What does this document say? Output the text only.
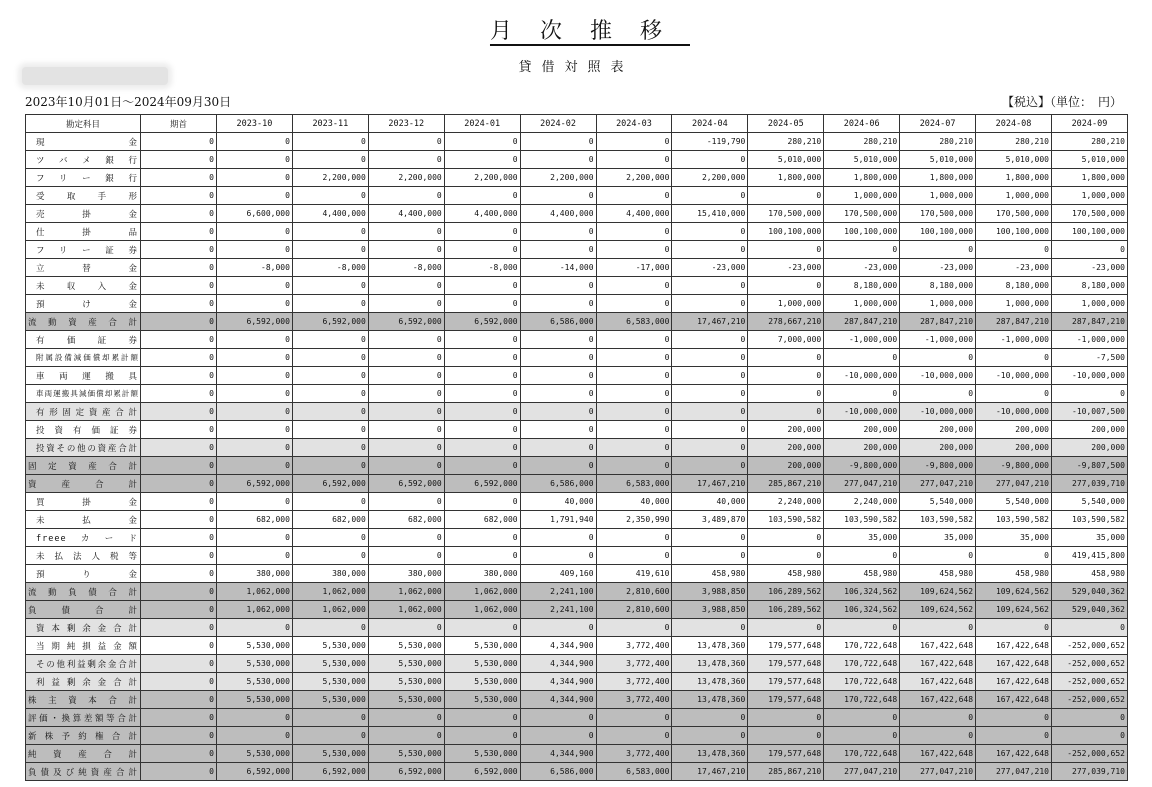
月次推移
貸借対照表
2023年10月01日～2024年09月30日	【税込】（単位：　円）
勘定科目	期首	2023-10	2023-11	2023-12	2024-01	2024-02	2024-03	2024-04	2024-05	2024-06	2024-07	2024-08	2024-09
現金	0	0	0	0	0	0	0	-119,790	280,210	280,210	280,210	280,210	280,210
ツバメ銀行	0	0	0	0	0	0	0	0	5,010,000	5,010,000	5,010,000	5,010,000	5,010,000
フリー銀行	0	0	2,200,000	2,200,000	2,200,000	2,200,000	2,200,000	2,200,000	1,800,000	1,800,000	1,800,000	1,800,000	1,800,000
受取手形	0	0	0	0	0	0	0	0	0	1,000,000	1,000,000	1,000,000	1,000,000
売掛金	0	6,600,000	4,400,000	4,400,000	4,400,000	4,400,000	4,400,000	15,410,000	170,500,000	170,500,000	170,500,000	170,500,000	170,500,000
仕掛品	0	0	0	0	0	0	0	0	100,100,000	100,100,000	100,100,000	100,100,000	100,100,000
フリー証券	0	0	0	0	0	0	0	0	0	0	0	0	0
立替金	0	-8,000	-8,000	-8,000	-8,000	-14,000	-17,000	-23,000	-23,000	-23,000	-23,000	-23,000	-23,000
未収入金	0	0	0	0	0	0	0	0	0	8,180,000	8,180,000	8,180,000	8,180,000
預け金	0	0	0	0	0	0	0	0	1,000,000	1,000,000	1,000,000	1,000,000	1,000,000
流動資産合計	0	6,592,000	6,592,000	6,592,000	6,592,000	6,586,000	6,583,000	17,467,210	278,667,210	287,847,210	287,847,210	287,847,210	287,847,210
有価証券	0	0	0	0	0	0	0	0	7,000,000	-1,000,000	-1,000,000	-1,000,000	-1,000,000
附属設備減価償却累計額	0	0	0	0	0	0	0	0	0	0	0	0	-7,500
車両運搬具	0	0	0	0	0	0	0	0	0	-10,000,000	-10,000,000	-10,000,000	-10,000,000
車両運搬具減価償却累計額	0	0	0	0	0	0	0	0	0	0	0	0	0
有形固定資産合計	0	0	0	0	0	0	0	0	0	-10,000,000	-10,000,000	-10,000,000	-10,007,500
投資有価証券	0	0	0	0	0	0	0	0	200,000	200,000	200,000	200,000	200,000
投資その他の資産合計	0	0	0	0	0	0	0	0	200,000	200,000	200,000	200,000	200,000
固定資産合計	0	0	0	0	0	0	0	0	200,000	-9,800,000	-9,800,000	-9,800,000	-9,807,500
資産合計	0	6,592,000	6,592,000	6,592,000	6,592,000	6,586,000	6,583,000	17,467,210	285,867,210	277,047,210	277,047,210	277,047,210	277,039,710
買掛金	0	0	0	0	0	40,000	40,000	40,000	2,240,000	2,240,000	5,540,000	5,540,000	5,540,000
未払金	0	682,000	682,000	682,000	682,000	1,791,940	2,350,990	3,489,870	103,590,582	103,590,582	103,590,582	103,590,582	103,590,582
freeeカード	0	0	0	0	0	0	0	0	0	35,000	35,000	35,000	35,000
未払法人税等	0	0	0	0	0	0	0	0	0	0	0	0	419,415,800
預り金	0	380,000	380,000	380,000	380,000	409,160	419,610	458,980	458,980	458,980	458,980	458,980	458,980
流動負債合計	0	1,062,000	1,062,000	1,062,000	1,062,000	2,241,100	2,810,600	3,988,850	106,289,562	106,324,562	109,624,562	109,624,562	529,040,362
負債合計	0	1,062,000	1,062,000	1,062,000	1,062,000	2,241,100	2,810,600	3,988,850	106,289,562	106,324,562	109,624,562	109,624,562	529,040,362
資本剰余金合計	0	0	0	0	0	0	0	0	0	0	0	0	0
当期純損益金額	0	5,530,000	5,530,000	5,530,000	5,530,000	4,344,900	3,772,400	13,478,360	179,577,648	170,722,648	167,422,648	167,422,648	-252,000,652
その他利益剰余金合計	0	5,530,000	5,530,000	5,530,000	5,530,000	4,344,900	3,772,400	13,478,360	179,577,648	170,722,648	167,422,648	167,422,648	-252,000,652
利益剰余金合計	0	5,530,000	5,530,000	5,530,000	5,530,000	4,344,900	3,772,400	13,478,360	179,577,648	170,722,648	167,422,648	167,422,648	-252,000,652
株主資本合計	0	5,530,000	5,530,000	5,530,000	5,530,000	4,344,900	3,772,400	13,478,360	179,577,648	170,722,648	167,422,648	167,422,648	-252,000,652
評価・換算差額等合計	0	0	0	0	0	0	0	0	0	0	0	0	0
新株予約権合計	0	0	0	0	0	0	0	0	0	0	0	0	0
純資産合計	0	5,530,000	5,530,000	5,530,000	5,530,000	4,344,900	3,772,400	13,478,360	179,577,648	170,722,648	167,422,648	167,422,648	-252,000,652
負債及び純資産合計	0	6,592,000	6,592,000	6,592,000	6,592,000	6,586,000	6,583,000	17,467,210	285,867,210	277,047,210	277,047,210	277,047,210	277,039,710
